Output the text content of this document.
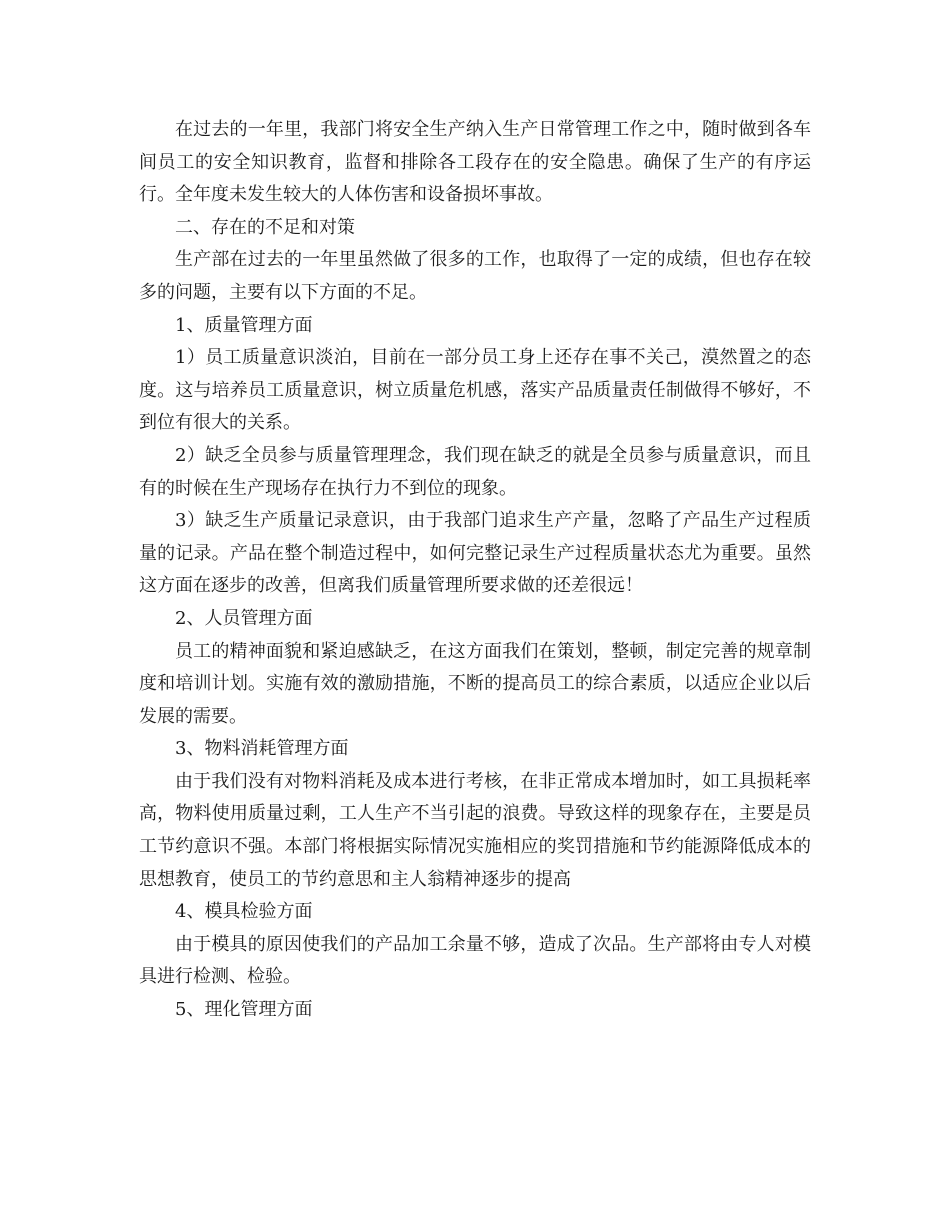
在过去的一年里，我部门将安全生产纳入生产日常管理工作之中，随时做到各车间员工的安全知识教育，监督和排除各工段存在的安全隐患。确保了生产的有序运行。全年度未发生较大的人体伤害和设备损坏事故。

二、存在的不足和对策

生产部在过去的一年里虽然做了很多的工作，也取得了一定的成绩，但也存在较多的问题，主要有以下方面的不足。

1、质量管理方面

1）员工质量意识淡泊，目前在一部分员工身上还存在事不关己，漠然置之的态度。这与培养员工质量意识，树立质量危机感，落实产品质量责任制做得不够好，不到位有很大的关系。

2）缺乏全员参与质量管理理念，我们现在缺乏的就是全员参与质量意识，而且有的时候在生产现场存在执行力不到位的现象。

3）缺乏生产质量记录意识，由于我部门追求生产产量，忽略了产品生产过程质量的记录。产品在整个制造过程中，如何完整记录生产过程质量状态尤为重要。虽然这方面在逐步的改善，但离我们质量管理所要求做的还差很远！

2、人员管理方面

员工的精神面貌和紧迫感缺乏，在这方面我们在策划，整顿，制定完善的规章制度和培训计划。实施有效的激励措施，不断的提高员工的综合素质，以适应企业以后发展的需要。

3、物料消耗管理方面

由于我们没有对物料消耗及成本进行考核，在非正常成本增加时，如工具损耗率高，物料使用质量过剩，工人生产不当引起的浪费。导致这样的现象存在，主要是员工节约意识不强。本部门将根据实际情况实施相应的奖罚措施和节约能源降低成本的思想教育，使员工的节约意思和主人翁精神逐步的提高

4、模具检验方面

由于模具的原因使我们的产品加工余量不够，造成了次品。生产部将由专人对模具进行检测、检验。

5、理化管理方面
